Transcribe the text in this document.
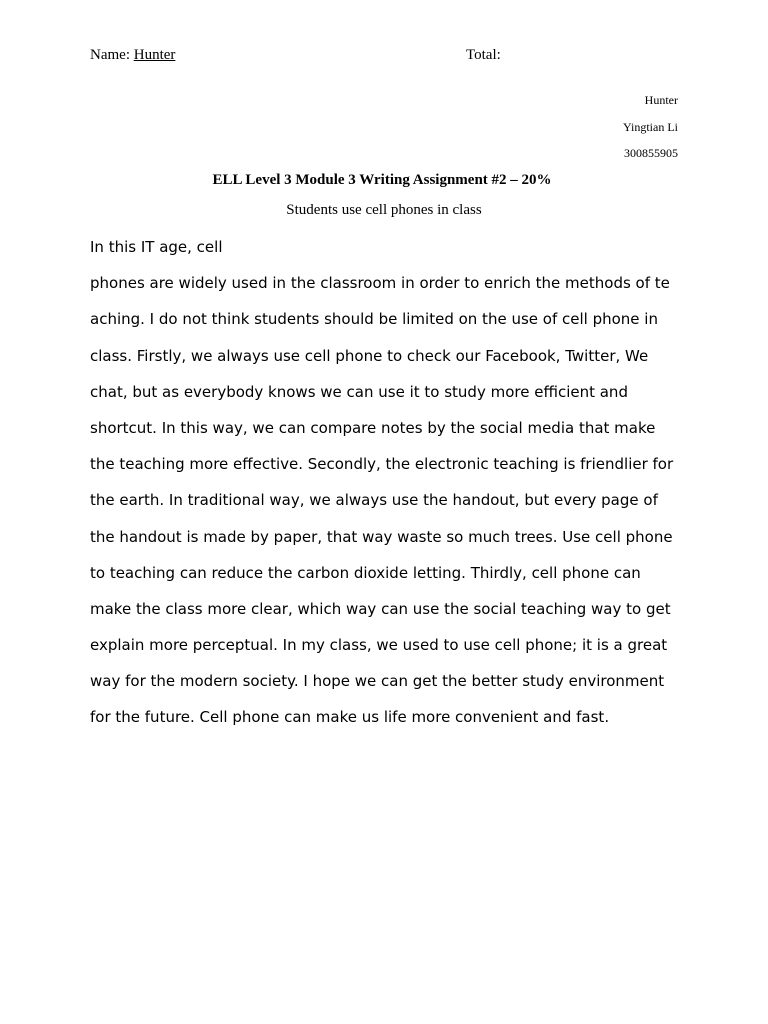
Name: Hunter	Total:
Hunter
Yingtian Li
300855905
ELL Level 3 Module 3 Writing Assignment #2 – 20%
Students use cell phones in class
In this IT age, cell
phones are widely used in the classroom in order to enrich the methods of te
aching. I do not think students should be limited on the use of cell phone in
class. Firstly, we always use cell phone to check our Facebook, Twitter, We
chat, but as everybody knows we can use it to study more efficient and
shortcut. In this way, we can compare notes by the social media that make
the teaching more effective. Secondly, the electronic teaching is friendlier for
the earth. In traditional way, we always use the handout, but every page of
the handout is made by paper, that way waste so much trees. Use cell phone
to teaching can reduce the carbon dioxide letting. Thirdly, cell phone can
make the class more clear, which way can use the social teaching way to get
explain more perceptual. In my class, we used to use cell phone; it is a great
way for the modern society. I hope we can get the better study environment
for the future. Cell phone can make us life more convenient and fast.
